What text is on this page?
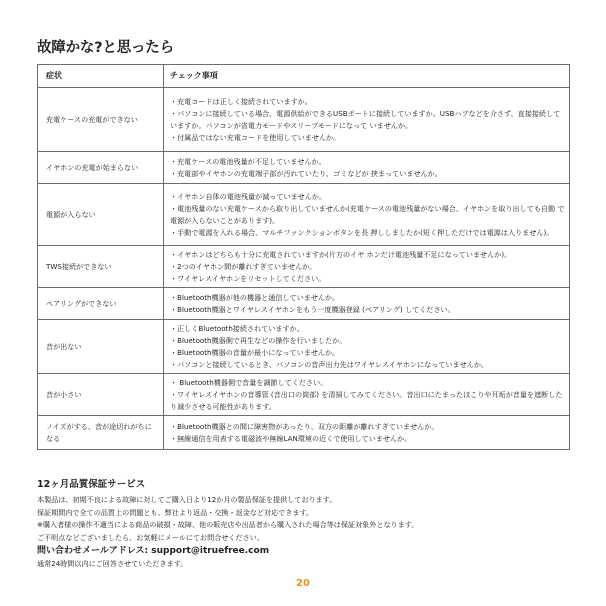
故障かな?と思ったら
症状	チェック事項
充電ケースの充電ができない	・充電コードは正しく接続されていますか。
・パソコンに接続している場合、電源供給ができるUSBポートに接続していますか。USBハブなどを介さず、直接接続していますか。パソコンが省電力モードやスリープモードになって いませんか。
・付属品ではない充電コードを使用していませんか。

イヤホンの充電が始まらない	・充電ケースの電池残量が不足していませんか。
・充電部やイヤホンの充電端子部が汚れていたり、ゴミなどが 挟まっていませんか。

電源が入らない	・イヤホン自体の電池残量が減っていませんか。
・電池残量のない充電ケースから取り出していませんか(充電ケースの電池残量がない場合、イヤホンを取り出しても自動 で電源が入らないことがあります)。
・手動で電源を入れる場合、マルチファンクションボタンを長 押ししましたか(短く押しただけでは電源は入りません)。

TWS接続ができない	・イヤホンはどちらも十分に充電されていますか(片方のイヤ ホンだけ電池残量不足になっていませんか)。
・2つのイヤホン間が離れすぎていませんか。
・ワイヤレスイヤホンをリセットしてください。

ペアリングができない	・Bluetooth機器が他の機器と通信していませんか。
・Bluetooth機器とワイヤレスイヤホンをもう一度機器登録 (ペアリング) してください。

音が出ない	・正しくBluetooth接続されていますか。
・Bluetooth機器側で再生などの操作を行いましたか。
・Bluetooth機器の音量が最小になっていませんか。
・パソコンと接続しているとき、パソコンの音声出力先はワイヤレスイヤホンになっていませんか。

音が小さい	・ Bluetooth機器側で音量を調節してください。
・ワイヤレスイヤホンの音導管 (音出口の筒部) を清掃してみてください。音出口にたまったほこりや耳垢が音量を遮断したり減少させる可能性があります。

ノイズがする、音が途切れがちになる	・Bluetooth機器との間に障害物があったり、双方の距離が離れすぎていませんか。
・無線通信を用表する電磁波や無線LAN環境の近くで使用していませんか。
12ヶ月品質保証サービス
本製品は、初期不良による故障に対してご購入日より12か月の製品保証を提供しております。
保証期間内で全ての品質上の問題とも、弊社より返品・交換・返金など対応できます。
※購入者様の操作不適当による商品の破損・故障、他の販売店や出品者から購入された場合等は保証対象外となります。
ご不明点などございましたら、お気軽にメールにてお問合せください。
問い合わせメールアドレス: support@itruefree.com
通常24時間以内にご回答させていただきます。
20
